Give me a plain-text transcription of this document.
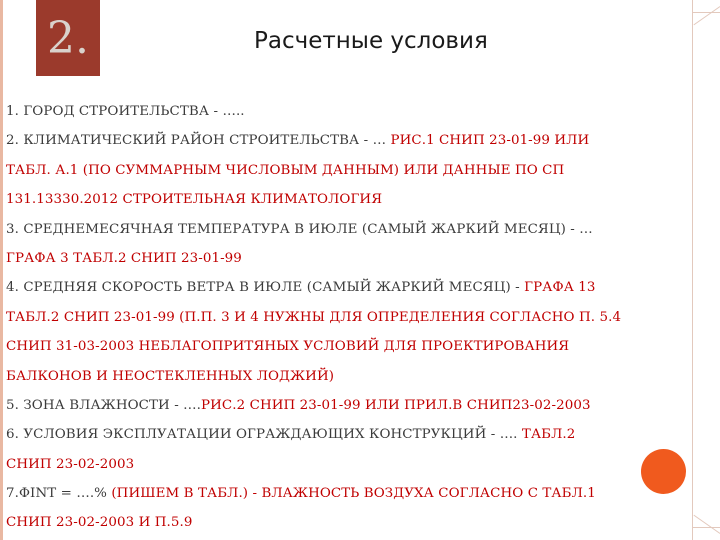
2.	Расчетные условия
1. ГОРОД СТРОИТЕЛЬСТВА - …..
2. КЛИМАТИЧЕСКИЙ РАЙОН СТРОИТЕЛЬСТВА - … РИС.1 СНИП 23-01-99 ИЛИ
ТАБЛ. А.1 (ПО СУММАРНЫМ ЧИСЛОВЫМ ДАННЫМ) ИЛИ ДАННЫЕ ПО СП
131.13330.2012 СТРОИТЕЛЬНАЯ КЛИМАТОЛОГИЯ
3. СРЕДНЕМЕСЯЧНАЯ ТЕМПЕРАТУРА В ИЮЛЕ (САМЫЙ ЖАРКИЙ МЕСЯЦ) - …
ГРАФА 3 ТАБЛ.2 СНИП 23-01-99
4. СРЕДНЯЯ СКОРОСТЬ ВЕТРА В ИЮЛЕ (САМЫЙ ЖАРКИЙ МЕСЯЦ) - ГРАФА 13
ТАБЛ.2 СНИП 23-01-99 (П.П. 3 И 4 НУЖНЫ ДЛЯ ОПРЕДЕЛЕНИЯ СОГЛАСНО П. 5.4
СНИП 31-03-2003 НЕБЛАГОПРИТЯНЫХ УСЛОВИЙ ДЛЯ ПРОЕКТИРОВАНИЯ
БАЛКОНОВ И НЕОСТЕКЛЕННЫХ ЛОДЖИЙ)
5. ЗОНА ВЛАЖНОСТИ - ….РИС.2 СНИП 23-01-99 ИЛИ ПРИЛ.В СНИП23-02-2003
6. УСЛОВИЯ ЭКСПЛУАТАЦИИ ОГРАЖДАЮЩИХ КОНСТРУКЦИЙ - …. ТАБЛ.2
СНИП 23-02-2003
7.ΦINT = ….% (ПИШЕМ В ТАБЛ.) - ВЛАЖНОСТЬ ВОЗДУХА СОГЛАСНО С ТАБЛ.1
СНИП 23-02-2003 И П.5.9
